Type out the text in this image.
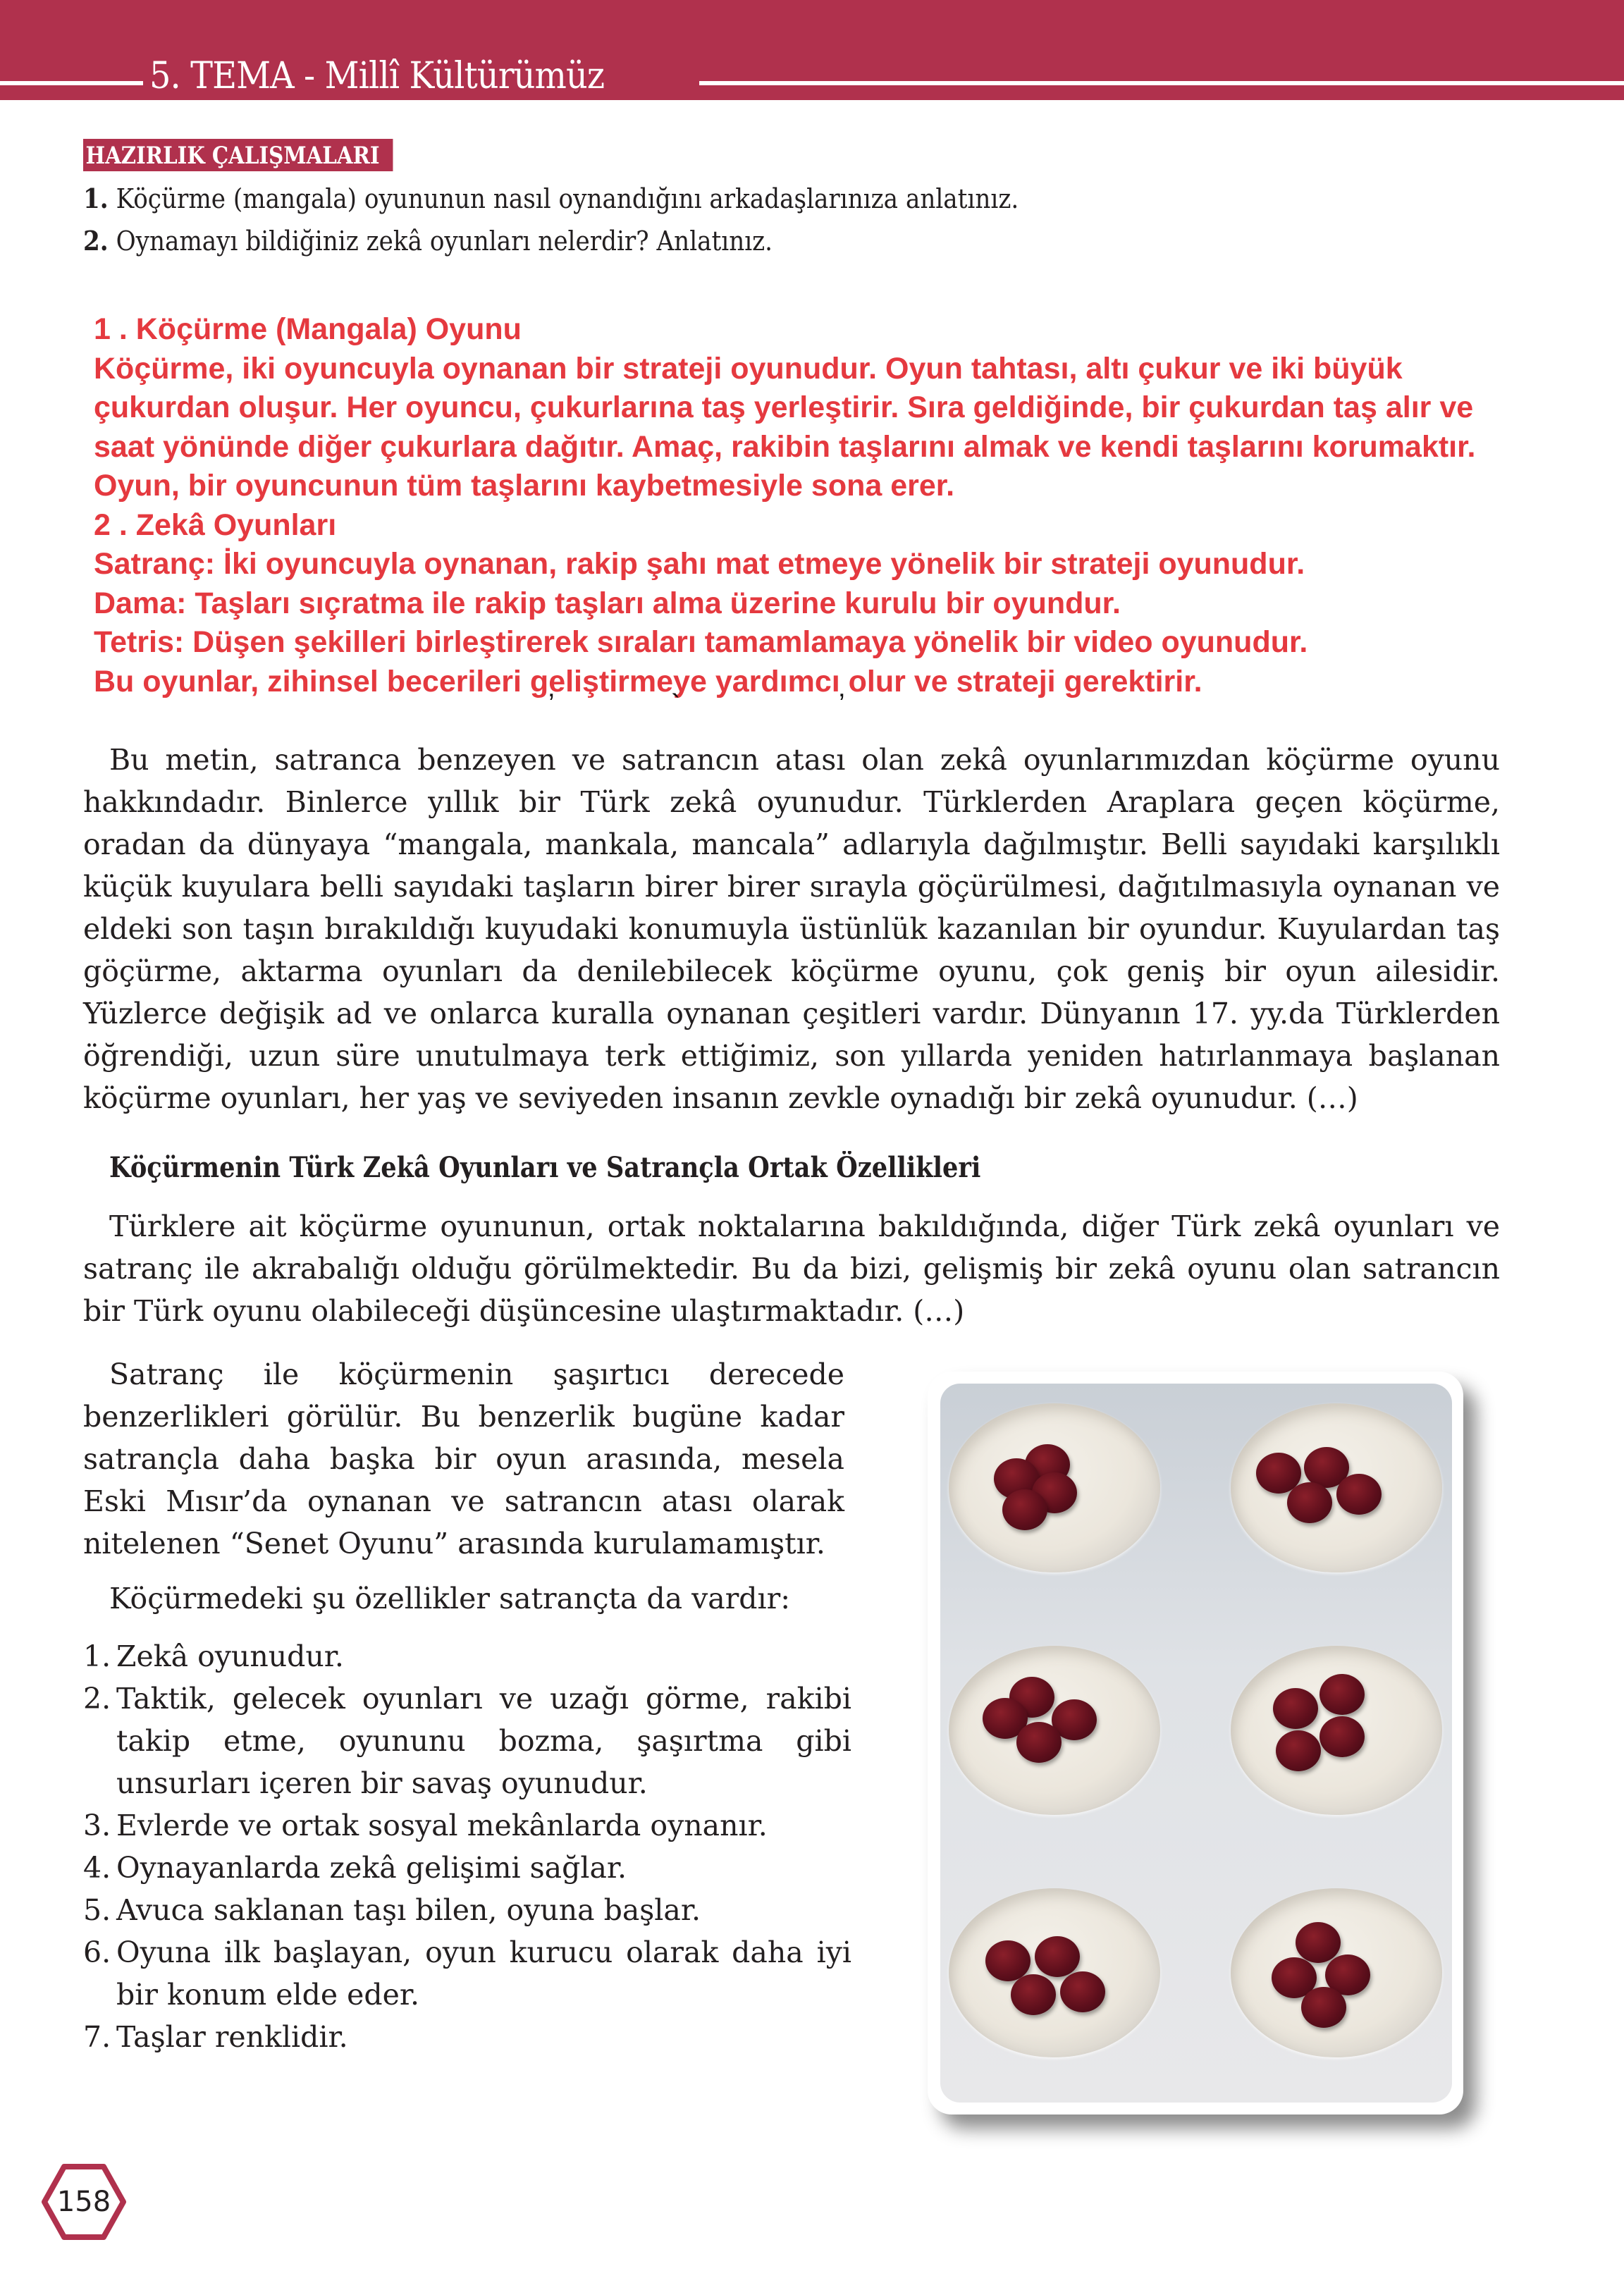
5. TEMA - Millî Kültürümüz
HAZIRLIK ÇALIŞMALARI
1. Köçürme (mangala) oyununun nasıl oynandığını arkadaşlarınıza anlatınız.
2. Oynamayı bildiğiniz zekâ oyunları nelerdir? Anlatınız.
1 . Köçürme (Mangala) Oyunu
Köçürme, iki oyuncuyla oynanan bir strateji oyunudur. Oyun tahtası, altı çukur ve iki büyük
çukurdan oluşur. Her oyuncu, çukurlarına taş yerleştirir. Sıra geldiğinde, bir çukurdan taş alır ve
saat yönünde diğer çukurlara dağıtır. Amaç, rakibin taşlarını almak ve kendi taşlarını korumaktır.
Oyun, bir oyuncunun tüm taşlarını kaybetmesiyle sona erer.
2 . Zekâ Oyunları
Satranç: İki oyuncuyla oynanan, rakip şahı mat etmeye yönelik bir strateji oyunudur.
Dama: Taşları sıçratma ile rakip taşları alma üzerine kurulu bir oyundur.
Tetris: Düşen şekilleri birleştirerek sıraları tamamlamaya yönelik bir video oyunudur.
Bu oyunlar, zihinsel becerileri geliştirmeye yardımcı olur ve strateji gerektirir.
ʼ	`	ʼ
Bu metin, satranca benzeyen ve satrancın atası olan zekâ oyunlarımızdan köçürme oyunu hakkındadır. Binlerce yıllık bir Türk zekâ oyunudur. Türklerden Araplara geçen köçürme, oradan da dünyaya “mangala, mankala, mancala” adlarıyla dağılmıştır. Belli sayıdaki karşılıklı küçük kuyulara belli sayıdaki taşların birer birer sırayla göçürülmesi, dağıtılmasıyla oynanan ve eldeki son taşın bırakıldığı kuyudaki konumuyla üstünlük kazanılan bir oyundur. Kuyulardan taş göçürme, aktarma oyunları da denilebilecek köçürme oyunu, çok geniş bir oyun ailesidir. Yüzlerce değişik ad ve onlarca kuralla oynanan çeşitleri vardır. Dünyanın 17. yy.da Türklerden öğrendiği, uzun süre unutulmaya terk ettiğimiz, son yıllarda yeniden hatırlanmaya başlanan köçürme oyunları, her yaş ve seviyeden insanın zevkle oynadığı bir zekâ oyunudur. (…)
Köçürmenin Türk Zekâ Oyunları ve Satrançla Ortak Özellikleri
Türklere ait köçürme oyununun, ortak noktalarına bakıldığında, diğer Türk zekâ oyunları ve satranç ile akrabalığı olduğu görülmektedir. Bu da bizi, gelişmiş bir zekâ oyunu olan satrancın bir Türk oyunu olabileceği düşüncesine ulaştırmaktadır. (…)
Satranç ile köçürmenin şaşırtıcı derecede benzerlikleri görülür. Bu benzerlik bugüne kadar satrançla daha başka bir oyun arasında, mesela Eski Mısır’da oynanan ve satrancın atası olarak nitelenen “Senet Oyunu” arasında kurulamamıştır.
Köçürmedeki şu özellikler satrançta da vardır:
1. Zekâ oyunudur.
2. Taktik, gelecek oyunları ve uzağı görme, rakibi takip etme, oyununu bozma, şaşırtma gibi unsurları içeren bir savaş oyunudur.
3. Evlerde ve ortak sosyal mekânlarda oynanır.
4. Oynayanlarda zekâ gelişimi sağlar.
5. Avuca saklanan taşı bilen, oyuna başlar.
6. Oyuna ilk başlayan, oyun kurucu olarak daha iyi bir konum elde eder.
7. Taşlar renklidir.
158
